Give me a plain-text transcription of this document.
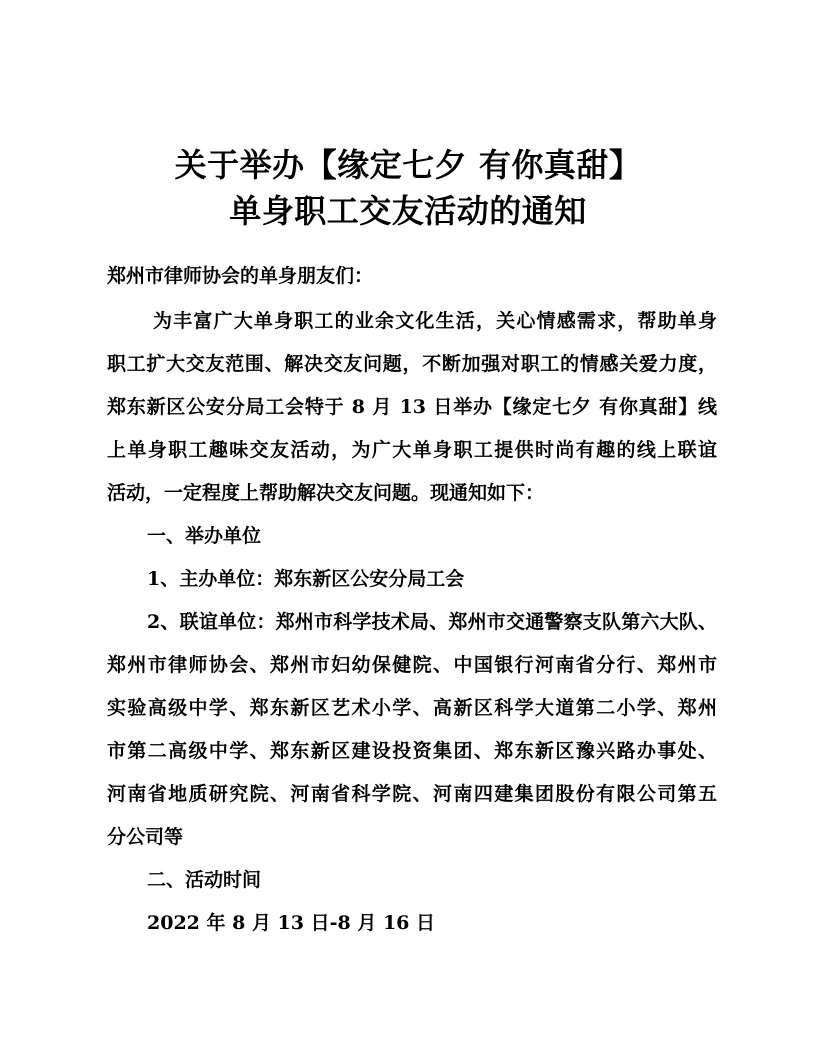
关于举办【缘定七夕 有你真甜】
单身职工交友活动的通知
郑州市律师协会的单身朋友们：
为丰富广大单身职工的业余文化生活，关心情感需求，帮助单身
职工扩大交友范围、解决交友问题，不断加强对职工的情感关爱力度，
郑东新区公安分局工会特于 8 月 13 日举办【缘定七夕 有你真甜】线
上单身职工趣味交友活动，为广大单身职工提供时尚有趣的线上联谊
活动，一定程度上帮助解决交友问题。现通知如下：
一、举办单位
1、主办单位：郑东新区公安分局工会
2、联谊单位：郑州市科学技术局、郑州市交通警察支队第六大队、
郑州市律师协会、郑州市妇幼保健院、中国银行河南省分行、郑州市
实验高级中学、郑东新区艺术小学、高新区科学大道第二小学、郑州
市第二高级中学、郑东新区建设投资集团、郑东新区豫兴路办事处、
河南省地质研究院、河南省科学院、河南四建集团股份有限公司第五
分公司等
二、活动时间
2022 年 8 月 13 日-8 月 16 日
